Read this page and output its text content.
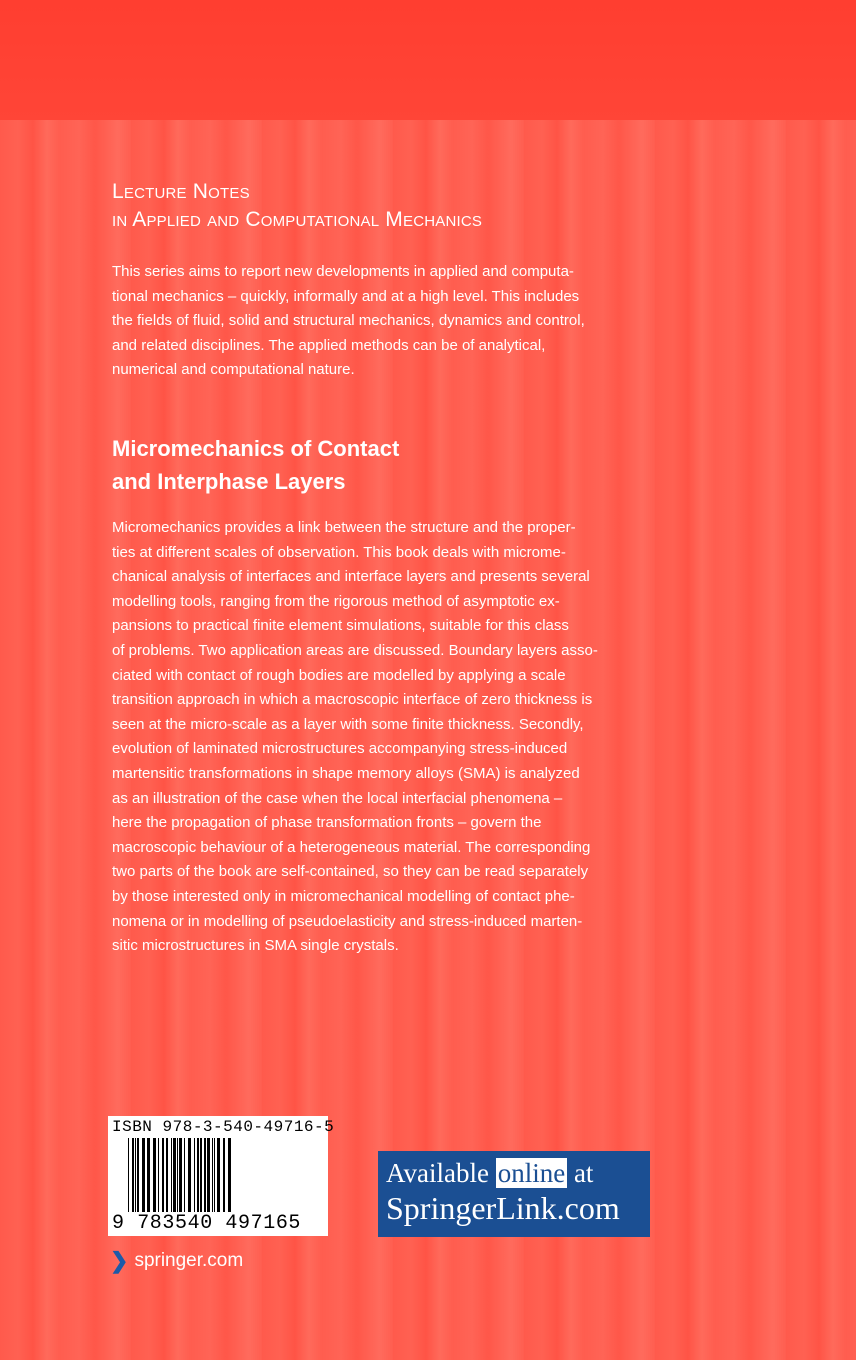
Lecture Notes
in Applied and Computational Mechanics
This series aims to report new developments in applied and computa-
tional mechanics – quickly, informally and at a high level. This includes
the fields of fluid, solid and structural mechanics, dynamics and control,
and related disciplines. The applied methods can be of analytical,
numerical and computational nature.
Micromechanics of Contact
and Interphase Layers
Micromechanics provides a link between the structure and the proper-
ties at different scales of observation. This book deals with microme-
chanical analysis of interfaces and interface layers and presents several
modelling tools, ranging from the rigorous method of asymptotic ex-
pansions to practical finite element simulations, suitable for this class
of problems. Two application areas are discussed. Boundary layers asso-
ciated with contact of rough bodies are modelled by applying a scale
transition approach in which a macroscopic interface of zero thickness is
seen at the micro-scale as a layer with some finite thickness. Secondly,
evolution of laminated microstructures accompanying stress-induced
martensitic transformations in shape memory alloys (SMA) is analyzed
as an illustration of the case when the local interfacial phenomena –
here the propagation of phase transformation fronts – govern the
macroscopic behaviour of a heterogeneous material. The corresponding
two parts of the book are self-contained, so they can be read separately
by those interested only in micromechanical modelling of contact phe-
nomena or in modelling of pseudoelasticity and stress-induced marten-
sitic microstructures in SMA single crystals.
ISBN 978-3-540-49716-5
9 783540 497165
Available online at
SpringerLink.com
❯ springer.com
